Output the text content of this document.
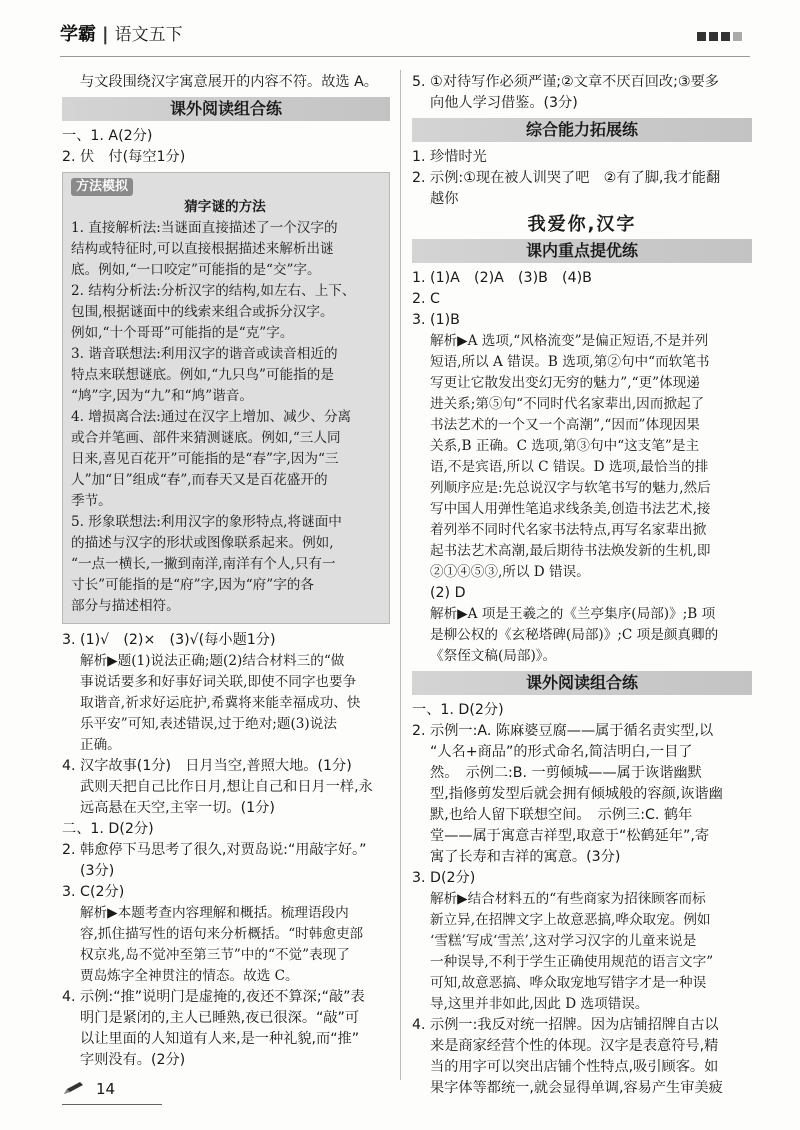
学霸 | 语文五下

与文段围绕汉字寓意展开的内容不符。故选 A。

课外阅读组合练

一、1. A(2分)

2. 伏　付(每空1分)

方法模拟
猜字谜的方法
1. 直接解析法:当谜面直接描述了一个汉字的
结构或特征时,可以直接根据描述来解析出谜
底。例如,“一口咬定”可能指的是“交”字。
2. 结构分析法:分析汉字的结构,如左右、上下、
包围,根据谜面中的线索来组合或拆分汉字。
例如,“十个哥哥”可能指的是“克”字。
3. 谐音联想法:利用汉字的谐音或读音相近的
特点来联想谜底。例如,“九只鸟”可能指的是
“鸠”字,因为“九”和“鸠”谐音。
4. 增损离合法:通过在汉字上增加、减少、分离
或合并笔画、部件来猜测谜底。例如,“三人同
日来,喜见百花开”可能指的是“春”字,因为“三
人”加“日”组成“春”,而春天又是百花盛开的
季节。
5. 形象联想法:利用汉字的象形特点,将谜面中
的描述与汉字的形状或图像联系起来。例如,
“一点一横长,一撇到南洋,南洋有个人,只有一
寸长”可能指的是“府”字,因为“府”字的各
部分与描述相符。

3. (1)√　(2)×　(3)√(每小题1分)

解析▶题(1)说法正确;题(2)结合材料三的“做
事说话要多和好事好词关联,即使不同字也要争
取谐音,祈求好运庇护,希冀将来能幸福成功、快
乐平安”可知,表述错误,过于绝对;题(3)说法
正确。

4. 汉字故事(1分)　日月当空,普照大地。(1分)

武则天把自己比作日月,想让自己和日月一样,永

远高悬在天空,主宰一切。(1分)

二、1. D(2分)

2. 韩愈停下马思考了很久,对贾岛说:“用敲字好。”

(3分)

3. C(2分)

解析▶本题考查内容理解和概括。梳理语段内
容,抓住描写性的语句来分析概括。“时韩愈吏部
权京兆,岛不觉冲至第三节”中的“不觉”表现了
贾岛炼字全神贯注的情态。故选 C。

4. 示例:“推”说明门是虚掩的,夜还不算深;“敲”表

明门是紧闭的,主人已睡熟,夜已很深。“敲”可

以让里面的人知道有人来,是一种礼貌,而“推”

字则没有。(2分)

5. ①对待写作必须严谨;②文章不厌百回改;③要多

向他人学习借鉴。(3分)

综合能力拓展练

1. 珍惜时光

2. 示例:①现在被人训哭了吧　②有了脚,我才能翻

越你

我爱你,汉字
课内重点提优练

1. (1)A　(2)A　(3)B　(4)B

2. C

3. (1)B

解析▶A 选项,“风格流变”是偏正短语,不是并列
短语,所以 A 错误。B 选项,第②句中“而软笔书
写更让它散发出变幻无穷的魅力”,“更”体现递
进关系;第⑤句“不同时代名家辈出,因而掀起了
书法艺术的一个又一个高潮”,“因而”体现因果
关系,B 正确。C 选项,第③句中“这支笔”是主
语,不是宾语,所以 C 错误。D 选项,最恰当的排
列顺序应是:先总说汉字与软笔书写的魅力,然后
写中国人用弹性笔追求线条美,创造书法艺术,接
着列举不同时代名家书法特点,再写名家辈出掀
起书法艺术高潮,最后期待书法焕发新的生机,即
②①④⑤③,所以 D 错误。

(2) D

解析▶A 项是王羲之的《兰亭集序(局部)》;B 项
是柳公权的《玄秘塔碑(局部)》;C 项是颜真卿的
《祭侄文稿(局部)》。
课外阅读组合练

一、1. D(2分)

2. 示例一:A. 陈麻婆豆腐——属于循名责实型,以

“人名+商品”的形式命名,简洁明白,一目了

然。　示例二:B. 一剪倾城——属于诙谐幽默

型,指修剪发型后就会拥有倾城般的容颜,诙谐幽

默,也给人留下联想空间。　示例三:C. 鹤年

堂——属于寓意吉祥型,取意于“松鹤延年”,寄

寓了长寿和吉祥的寓意。(3分)

3. D(2分)

解析▶结合材料五的“有些商家为招徕顾客而标
新立异,在招牌文字上故意恶搞,哗众取宠。例如
‘雪糕’写成‘雪羔’,这对学习汉字的儿童来说是
一种误导,不利于学生正确使用规范的语言文字”
可知,故意恶搞、哗众取宠地写错字才是一种误
导,这里并非如此,因此 D 选项错误。

4. 示例一:我反对统一招牌。因为店铺招牌自古以

来是商家经营个性的体现。汉字是表意符号,精

当的用字可以突出店铺个性特点,吸引顾客。如

果字体等都统一,就会显得单调,容易产生审美疲

14
